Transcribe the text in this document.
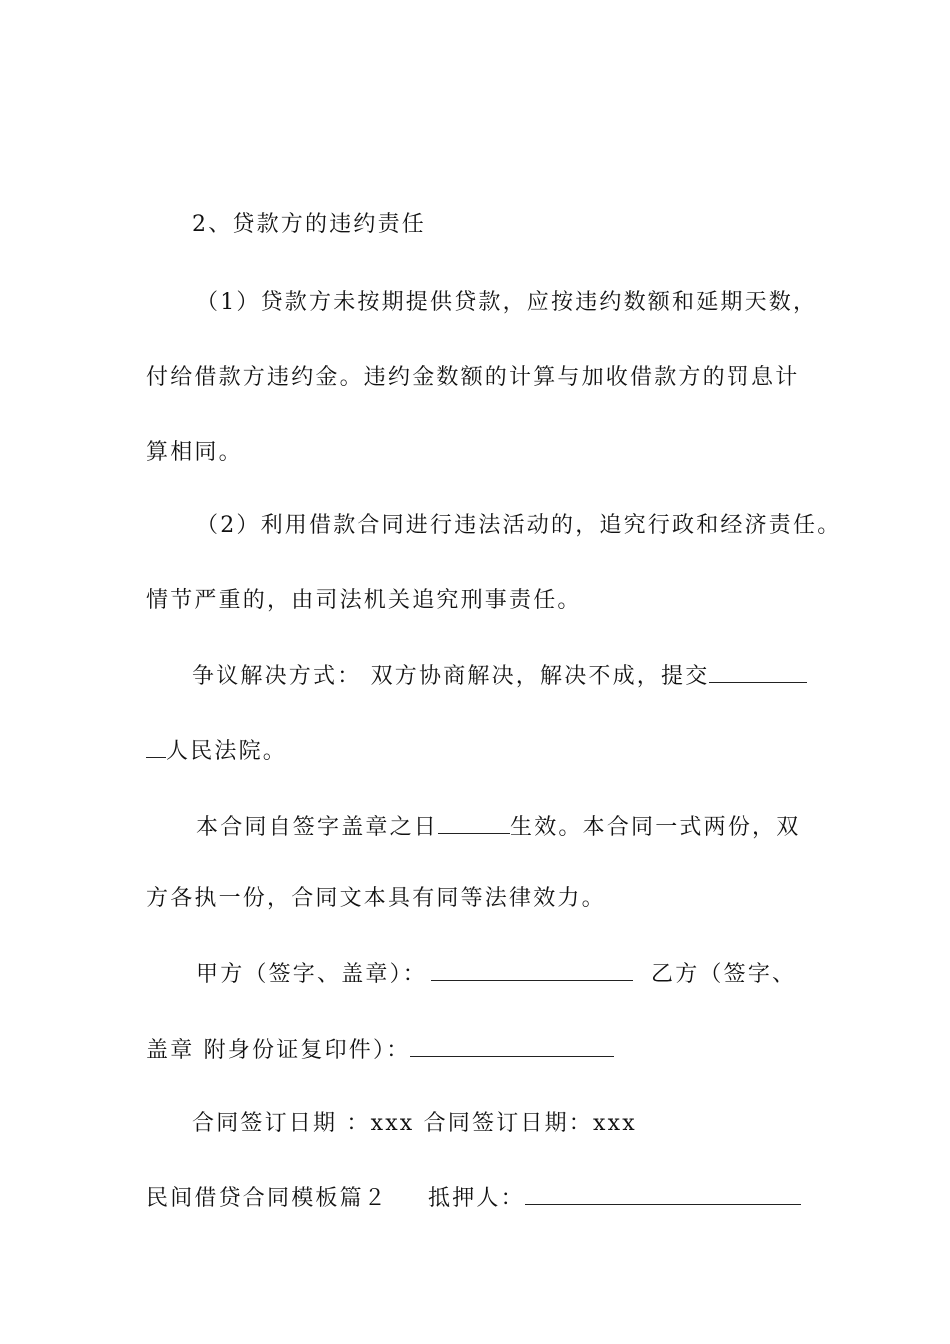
2、贷款方的违约责任
（1）贷款方未按期提供贷款，应按违约数额和延期天数，
付给借款方违约金。违约金数额的计算与加收借款方的罚息计
算相同。
（2）利用借款合同进行违法活动的，追究行政和经济责任。
情节严重的，由司法机关追究刑事责任。
争议解决方式： 双方协商解决，解决不成，提交
人民法院。
本合同自签字盖章之日	生效。本合同一式两份，双
方各执一份，合同文本具有同等法律效力。
甲方（签字、盖章）：	乙方（签字、
盖章 附身份证复印件）：
合同签订日期 ：xxx 合同签订日期：xxx
民间借贷合同模板篇２ 抵押人：
